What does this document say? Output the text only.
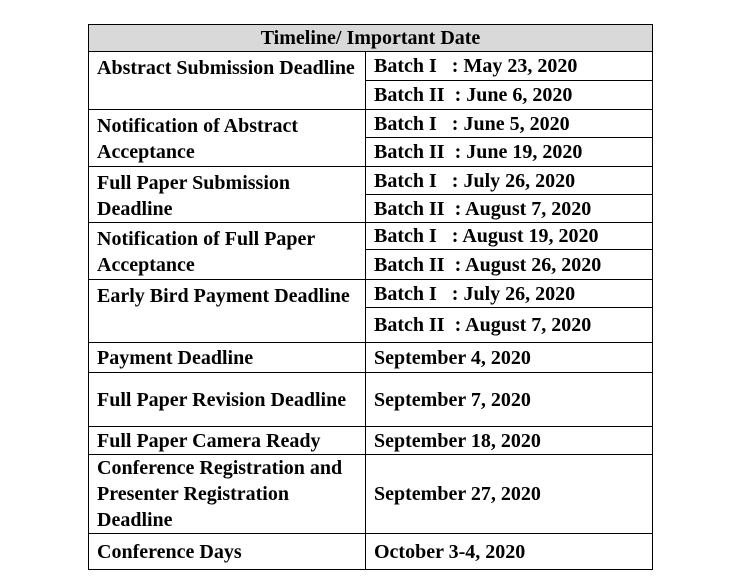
Timeline/ Important Date	
Abstract Submission Deadline	Batch I   : May 23, 2020
	Batch II  : June 6, 2020
Notification of Abstract Acceptance	Batch I   : June 5, 2020
	Batch II  : June 19, 2020
Full Paper Submission Deadline	Batch I   : July 26, 2020
	Batch II  : August 7, 2020
Notification of Full Paper Acceptance	Batch I   : August 19, 2020
	Batch II  : August 26, 2020
Early Bird Payment Deadline	Batch I   : July 26, 2020
	Batch II  : August 7, 2020
Payment Deadline	September 4, 2020
Full Paper Revision Deadline	September 7, 2020
Full Paper Camera Ready	September 18, 2020
Conference Registration and Presenter Registration Deadline	September 27, 2020
Conference Days	October 3-4, 2020
